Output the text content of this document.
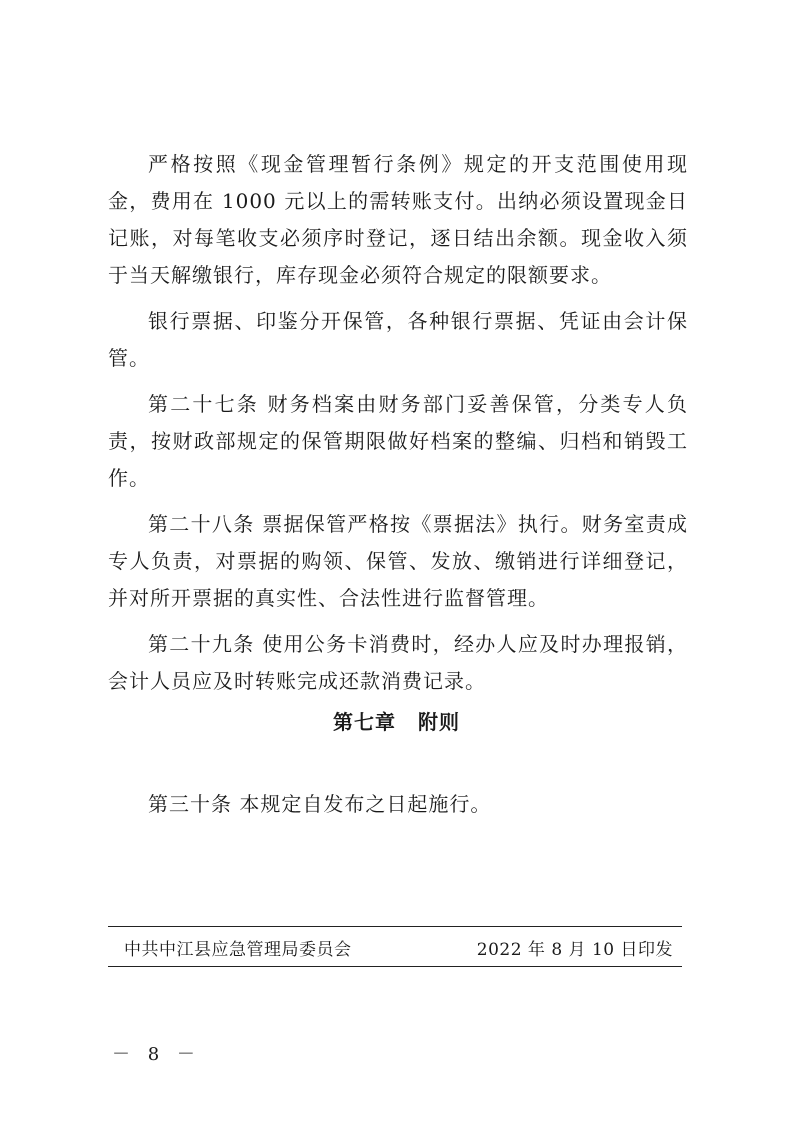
严格按照《现金管理暂行条例》规定的开支范围使用现金，费用在 1000 元以上的需转账支付。出纳必须设置现金日记账，对每笔收支必须序时登记，逐日结出余额。现金收入须于当天解缴银行，库存现金必须符合规定的限额要求。

银行票据、印鉴分开保管，各种银行票据、凭证由会计保管。

第二十七条 财务档案由财务部门妥善保管，分类专人负责，按财政部规定的保管期限做好档案的整编、归档和销毁工作。

第二十八条 票据保管严格按《票据法》执行。财务室责成专人负责，对票据的购领、保管、发放、缴销进行详细登记，并对所开票据的真实性、合法性进行监督管理。

第二十九条 使用公务卡消费时，经办人应及时办理报销，会计人员应及时转账完成还款消费记录。

第七章 附则

第三十条 本规定自发布之日起施行。

中共中江县应急管理局委员会	2022 年 8 月 10 日印发
－ 8 －
